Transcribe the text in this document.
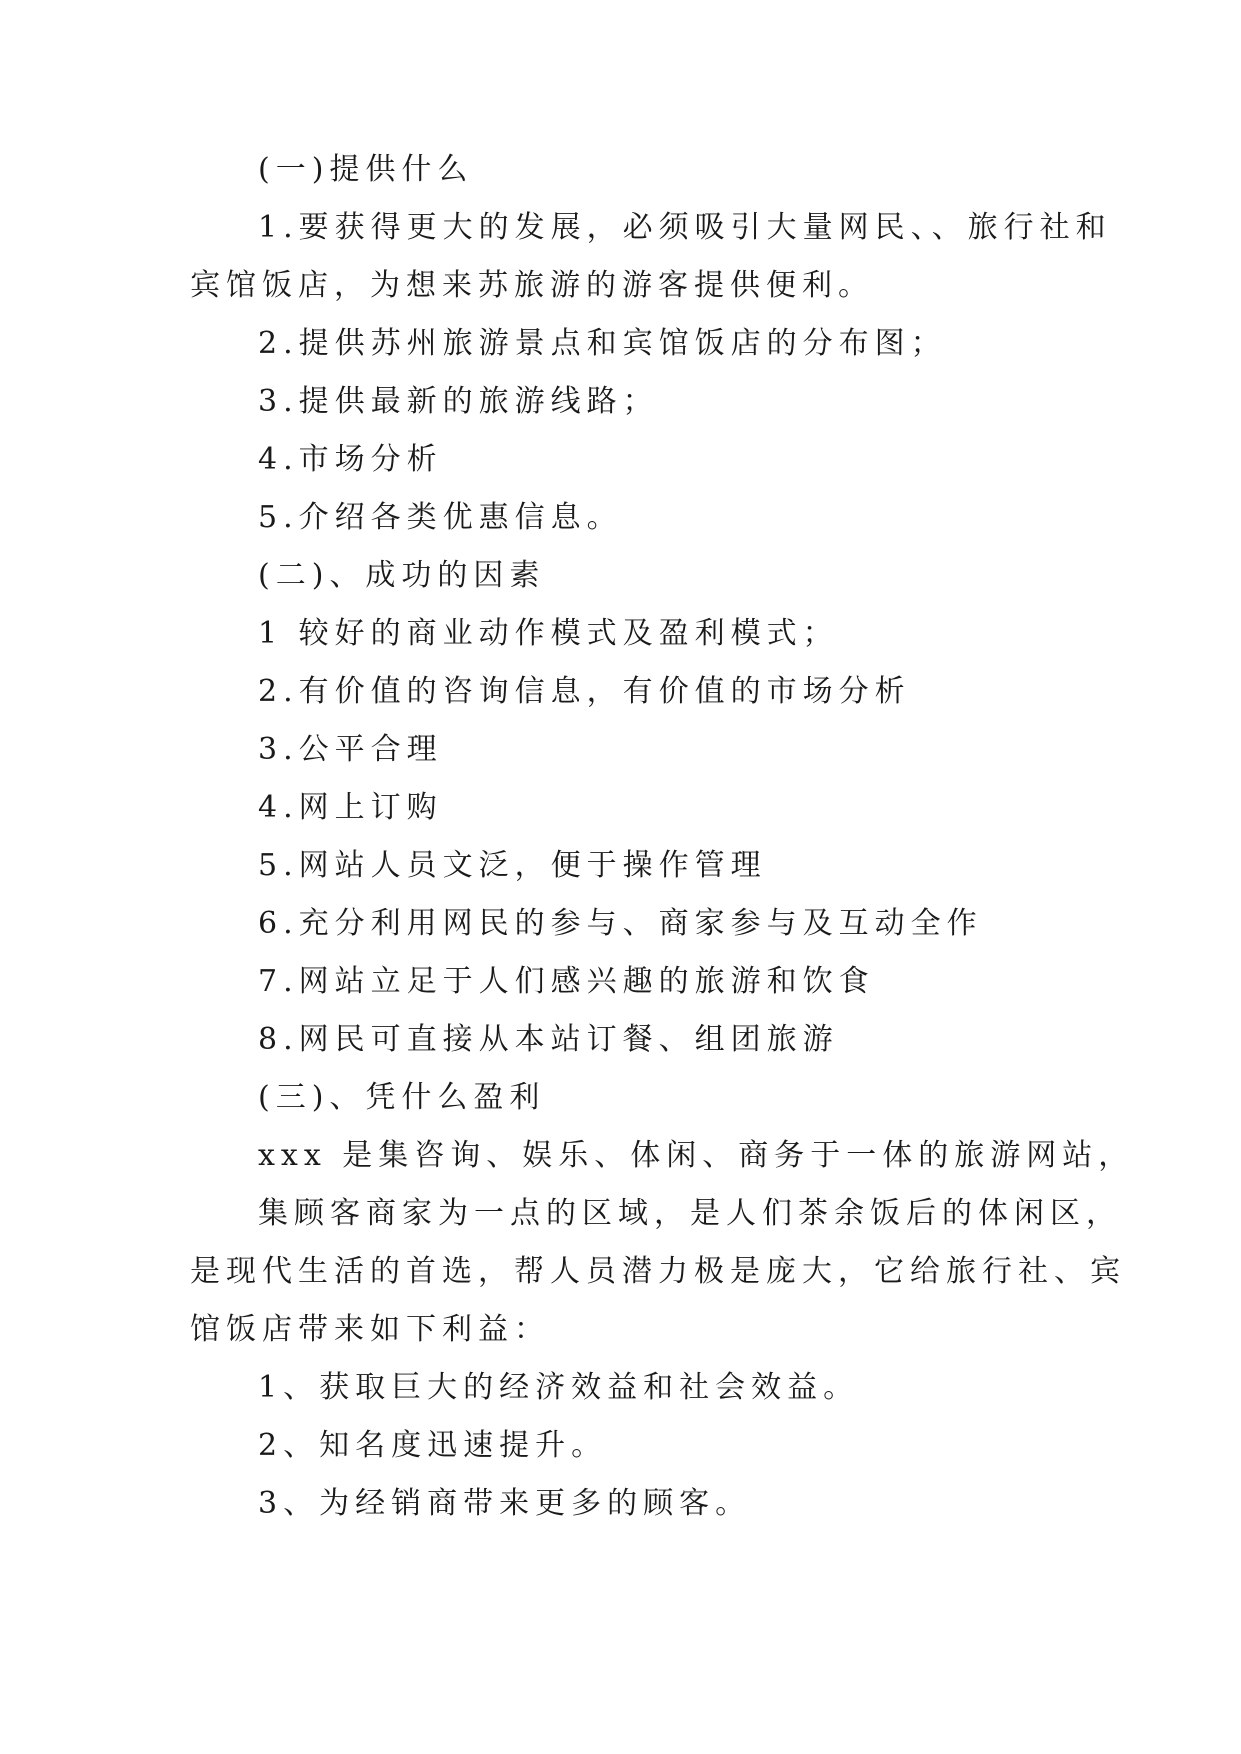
(一)提供什么
1.要获得更大的发展，必须吸引大量网民、、旅行社和
宾馆饭店，为想来苏旅游的游客提供便利。
2.提供苏州旅游景点和宾馆饭店的分布图；
3.提供最新的旅游线路；
4.市场分析
5.介绍各类优惠信息。
(二)、成功的因素
1 较好的商业动作模式及盈利模式；
2.有价值的咨询信息，有价值的市场分析
3.公平合理
4.网上订购
5.网站人员文泛，便于操作管理
6.充分利用网民的参与、商家参与及互动全作
7.网站立足于人们感兴趣的旅游和饮食
8.网民可直接从本站订餐、组团旅游
(三)、凭什么盈利
xxx 是集咨询、娱乐、体闲、商务于一体的旅游网站，
集顾客商家为一点的区域，是人们茶余饭后的体闲区，
是现代生活的首选，帮人员潜力极是庞大，它给旅行社、宾
馆饭店带来如下利益：
1、获取巨大的经济效益和社会效益。
2、知名度迅速提升。
3、为经销商带来更多的顾客。
